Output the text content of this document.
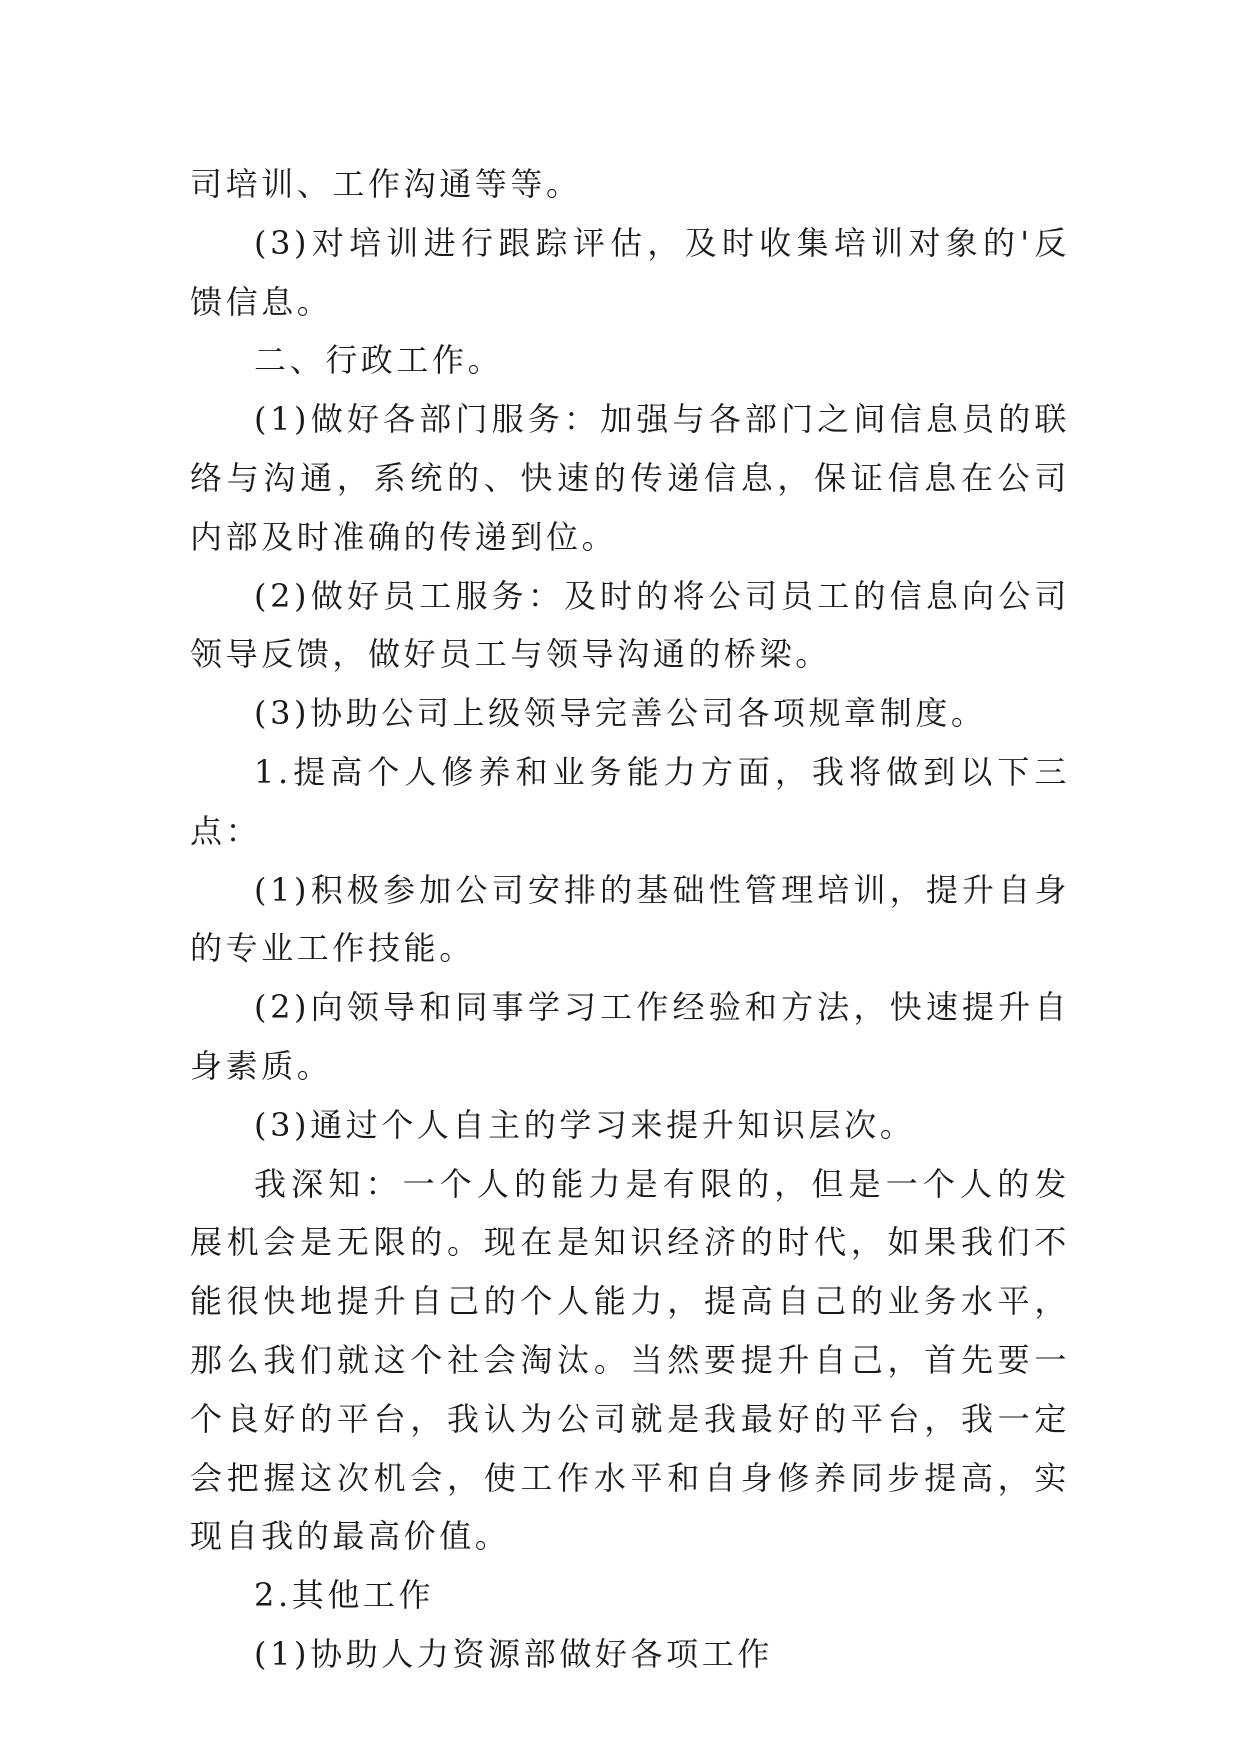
司培训、工作沟通等等。

(3)对培训进行跟踪评估，及时收集培训对象的'反馈信息。

二、行政工作。

(1)做好各部门服务：加强与各部门之间信息员的联络与沟通，系统的、快速的传递信息，保证信息在公司内部及时准确的传递到位。

(2)做好员工服务：及时的将公司员工的信息向公司领导反馈，做好员工与领导沟通的桥梁。

(3)协助公司上级领导完善公司各项规章制度。

1.提高个人修养和业务能力方面，我将做到以下三点：

(1)积极参加公司安排的基础性管理培训，提升自身的专业工作技能。

(2)向领导和同事学习工作经验和方法，快速提升自身素质。

(3)通过个人自主的学习来提升知识层次。

我深知：一个人的能力是有限的，但是一个人的发展机会是无限的。现在是知识经济的时代，如果我们不能很快地提升自己的个人能力，提高自己的业务水平，那么我们就这个社会淘汰。当然要提升自己，首先要一个良好的平台，我认为公司就是我最好的平台，我一定会把握这次机会，使工作水平和自身修养同步提高，实现自我的最高价值。

2.其他工作

(1)协助人力资源部做好各项工作
